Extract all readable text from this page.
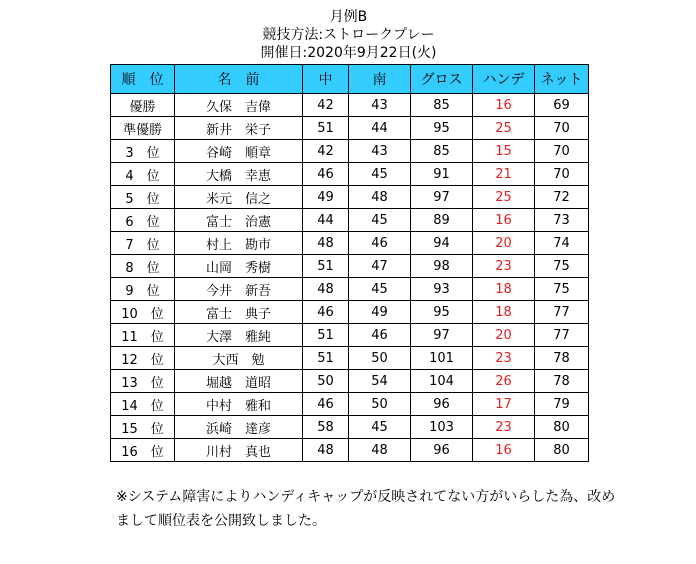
月例B
競技方法:ストロークプレー
開催日:2020年9月22日(火)
順　位	名　前	中	南	グロス	ハンデ	ネット
優勝	久保　吉偉	42	43	85	16	69
準優勝	新井　栄子	51	44	95	25	70
3　位	谷崎　順章	42	43	85	15	70
4　位	大橋　幸恵	46	45	91	21	70
5　位	米元　信之	49	48	97	25	72
6　位	富士　治憲	44	45	89	16	73
7　位	村上　勘市	48	46	94	20	74
8　位	山岡　秀樹	51	47	98	23	75
9　位	今井　新吾	48	45	93	18	75
10　位	富士　典子	46	49	95	18	77
11　位	大澤　雅純	51	46	97	20	77
12　位	大西　勉	51	50	101	23	78
13　位	堀越　道昭	50	54	104	26	78
14　位	中村　雅和	46	50	96	17	79
15　位	浜崎　達彦	58	45	103	23	80
16　位	川村　真也	48	48	96	16	80
※システム障害によりハンディキャップが反映されてない方がいらした為、改め
まして順位表を公開致しました。
